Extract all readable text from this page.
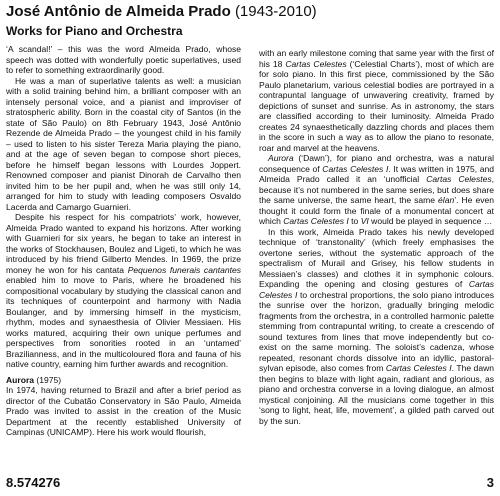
José Antônio de Almeida Prado (1943-2010)
Works for Piano and Orchestra

‘A scandal!’ – this was the word Almeida Prado, whose speech was dotted with wonderfully poetic superlatives, used to refer to something extraordinarily good.

He was a man of superlative talents as well: a musician with a solid training behind him, a brilliant composer with an intensely personal voice, and a pianist and improviser of stratospheric ability. Born in the coastal city of Santos (in the state of São Paulo) on 8th February 1943, José Antônio Rezende de Almeida Prado – the youngest child in his family – used to listen to his sister Tereza Maria playing the piano, and at the age of seven began to compose short pieces, before he himself began lessons with Lourdes Joppert. Renowned composer and pianist Dinorah de Carvalho then invited him to be her pupil and, when he was still only 14, arranged for him to study with leading composers Osvaldo Lacerda and Camargo Guarnieri.

Despite his respect for his compatriots’ work, however, Almeida Prado wanted to expand his horizons. After working with Guarnieri for six years, he began to take an interest in the works of Stockhausen, Boulez and Ligeti, to which he was introduced by his friend Gilberto Mendes. In 1969, the prize money he won for his cantata Pequenos funerais cantantes enabled him to move to Paris, where he broadened his compositional vocabulary by studying the classical canon and its techniques of counterpoint and harmony with Nadia Boulanger, and by immersing himself in the mysticism, rhythm, modes and synaesthesia of Olivier Messiaen. His works matured, acquiring their own unique perfumes and perspectives from sonorities rooted in an ‘untamed’ Brazilianness, and in the multicoloured flora and fauna of his native country, earning him further awards and recognition.

Aurora (1975)

In 1974, having returned to Brazil and after a brief period as director of the Cubatão Conservatory in São Paulo, Almeida Prado was invited to assist in the creation of the Music Department at the recently established University of Campinas (UNICAMP). Here his work would flourish,

with an early milestone coming that same year with the first of his 18 Cartas Celestes (‘Celestial Charts’), most of which are for solo piano. In this first piece, commissioned by the São Paulo planetarium, various celestial bodies are portrayed in a contrapuntal language of unwavering creativity, framed by depictions of sunset and sunrise. As in astronomy, the stars are classified according to their luminosity. Almeida Prado creates 24 synaesthetically dazzling chords and places them in the score in such a way as to allow the piano to resonate, roar and marvel at the heavens.

Aurora (‘Dawn’), for piano and orchestra, was a natural consequence of Cartas Celestes I. It was written in 1975, and Almeida Prado called it an ‘unofficial Cartas Celestes, because it’s not numbered in the same series, but does share the same universe, the same heart, the same élan’. He even thought it could form the finale of a monumental concert at which Cartas Celestes I to VI would be played in sequence …

In this work, Almeida Prado takes his newly developed technique of ‘transtonality’ (which freely emphasises the overtone series, without the systematic approach of the spectralism of Murail and Grisey, his fellow students in Messiaen’s classes) and clothes it in symphonic colours. Expanding the opening and closing gestures of Cartas Celestes I to orchestral proportions, the solo piano introduces the sunrise over the horizon, gradually bringing melodic fragments from the orchestra, in a controlled harmonic palette stemming from contrapuntal writing, to create a crescendo of sound textures from lines that move independently but co-exist on the same morning. The soloist’s cadenza, whose repeated, resonant chords dissolve into an idyllic, pastoral-sylvan episode, also comes from Cartas Celestes I. The dawn then begins to blaze with light again, radiant and glorious, as piano and orchestra converse in a loving dialogue, an almost mystical conjoining. All the musicians come together in this ‘song to light, heat, life, movement’, a gilded path carved out by the sun.

8.574276	3
